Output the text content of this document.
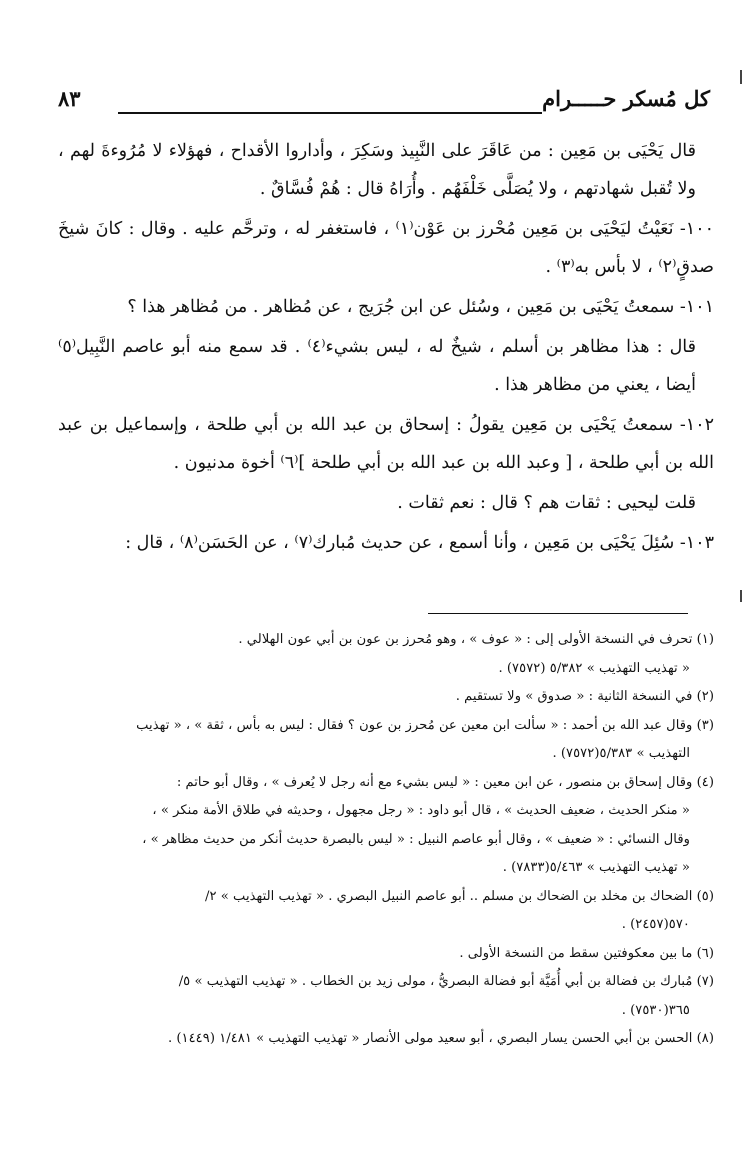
كل مُسكر حـــــرام
٨٣

قال يَحْيَى بن مَعِين : من عَاقَرَ على النَّبِيذ وسَكِرَ ، وأداروا الأقداح ، فهؤلاء لا مُرُوءةَ لهم ، ولا تُقبل شهادتهم ، ولا يُصَلَّى خَلْفَهُم . وأُرَاهُ قال : هُمْ فُسَّاقٌ .

١٠٠- نَعَيْتُ ليَحْيَى بن مَعِين مُحْرز بن عَوْن⁽١⁾ ، فاستغفر له ، وترحَّم عليه . وقال : كانَ شيخَ صدقٍ⁽٢⁾ ، لا بأس به⁽٣⁾ .

١٠١- سمعتُ يَحْيَى بن مَعِين ، وسُئل عن ابن جُرَيج ، عن مُظاهر . من مُظاهر هذا ؟

قال : هذا مظاهر بن أسلم ، شيخٌ له ، ليس بشيء⁽٤⁾ . قد سمع منه أبو عاصم النَّبِيل⁽٥⁾ أيضا ، يعني من مظاهر هذا .

١٠٢- سمعتُ يَحْيَى بن مَعِين يقولُ : إسحاق بن عبد الله بن أبي طلحة ، وإسماعيل بن عبد الله بن أبي طلحة ، [ وعبد الله بن عبد الله بن أبي طلحة ]⁽٦⁾ أخوة مدنيون .

قلت ليحيى : ثقات هم ؟ قال : نعم ثقات .

١٠٣- سُئِلَ يَحْيَى بن مَعِين ، وأنا أسمع ، عن حديث مُبارك⁽٧⁾ ، عن الحَسَن⁽٨⁾ ، قال :

(١) تحرف في النسخة الأولى إلى : « عوف » ، وهو مُحرز بن عون بن أبي عون الهلالي .

« تهذيب التهذيب » ٥/٣٨٢ (٧٥٧٢) .

(٢) في النسخة الثانية : « صدوق » ولا تستقيم .

(٣) وقال عبد الله بن أحمد : « سألت ابن معين عن مُحرز بن عون ؟ فقال : ليس به بأس ، ثقة » ، « تهذيب

التهذيب » ٥/٣٨٣(٧٥٧٢) .

(٤) وقال إسحاق بن منصور ، عن ابن معين : « ليس بشيء مع أنه رجل لا يُعرف » ، وقال أبو حاتم :

« منكر الحديث ، ضعيف الحديث » ، قال أبو داود : « رجل مجهول ، وحديثه في طلاق الأمة منكر » ،

وقال النسائي : « ضعيف » ، وقال أبو عاصم النبيل : « ليس بالبصرة حديث أنكر من حديث مظاهر » ،

« تهذيب التهذيب » ٥/٤٦٣(٧٨٣٣) .

(٥) الضحاك بن مخلد بن الضحاك بن مسلم .. أبو عاصم النبيل البصري . « تهذيب التهذيب » ٢/

٥٧٠(٢٤٥٧) .

(٦) ما بين معكوفتين سقط من النسخة الأولى .

(٧) مُبارك بن فضالة بن أبي أُمَيَّة أبو فضالة البصريُّ ، مولى زيد بن الخطاب . « تهذيب التهذيب » ٥/

٣٦٥(٧٥٣٠) .

(٨) الحسن بن أبي الحسن يسار البصري ، أبو سعيد مولى الأنصار « تهذيب التهذيب » ١/٤٨١ (١٤٤٩) .
